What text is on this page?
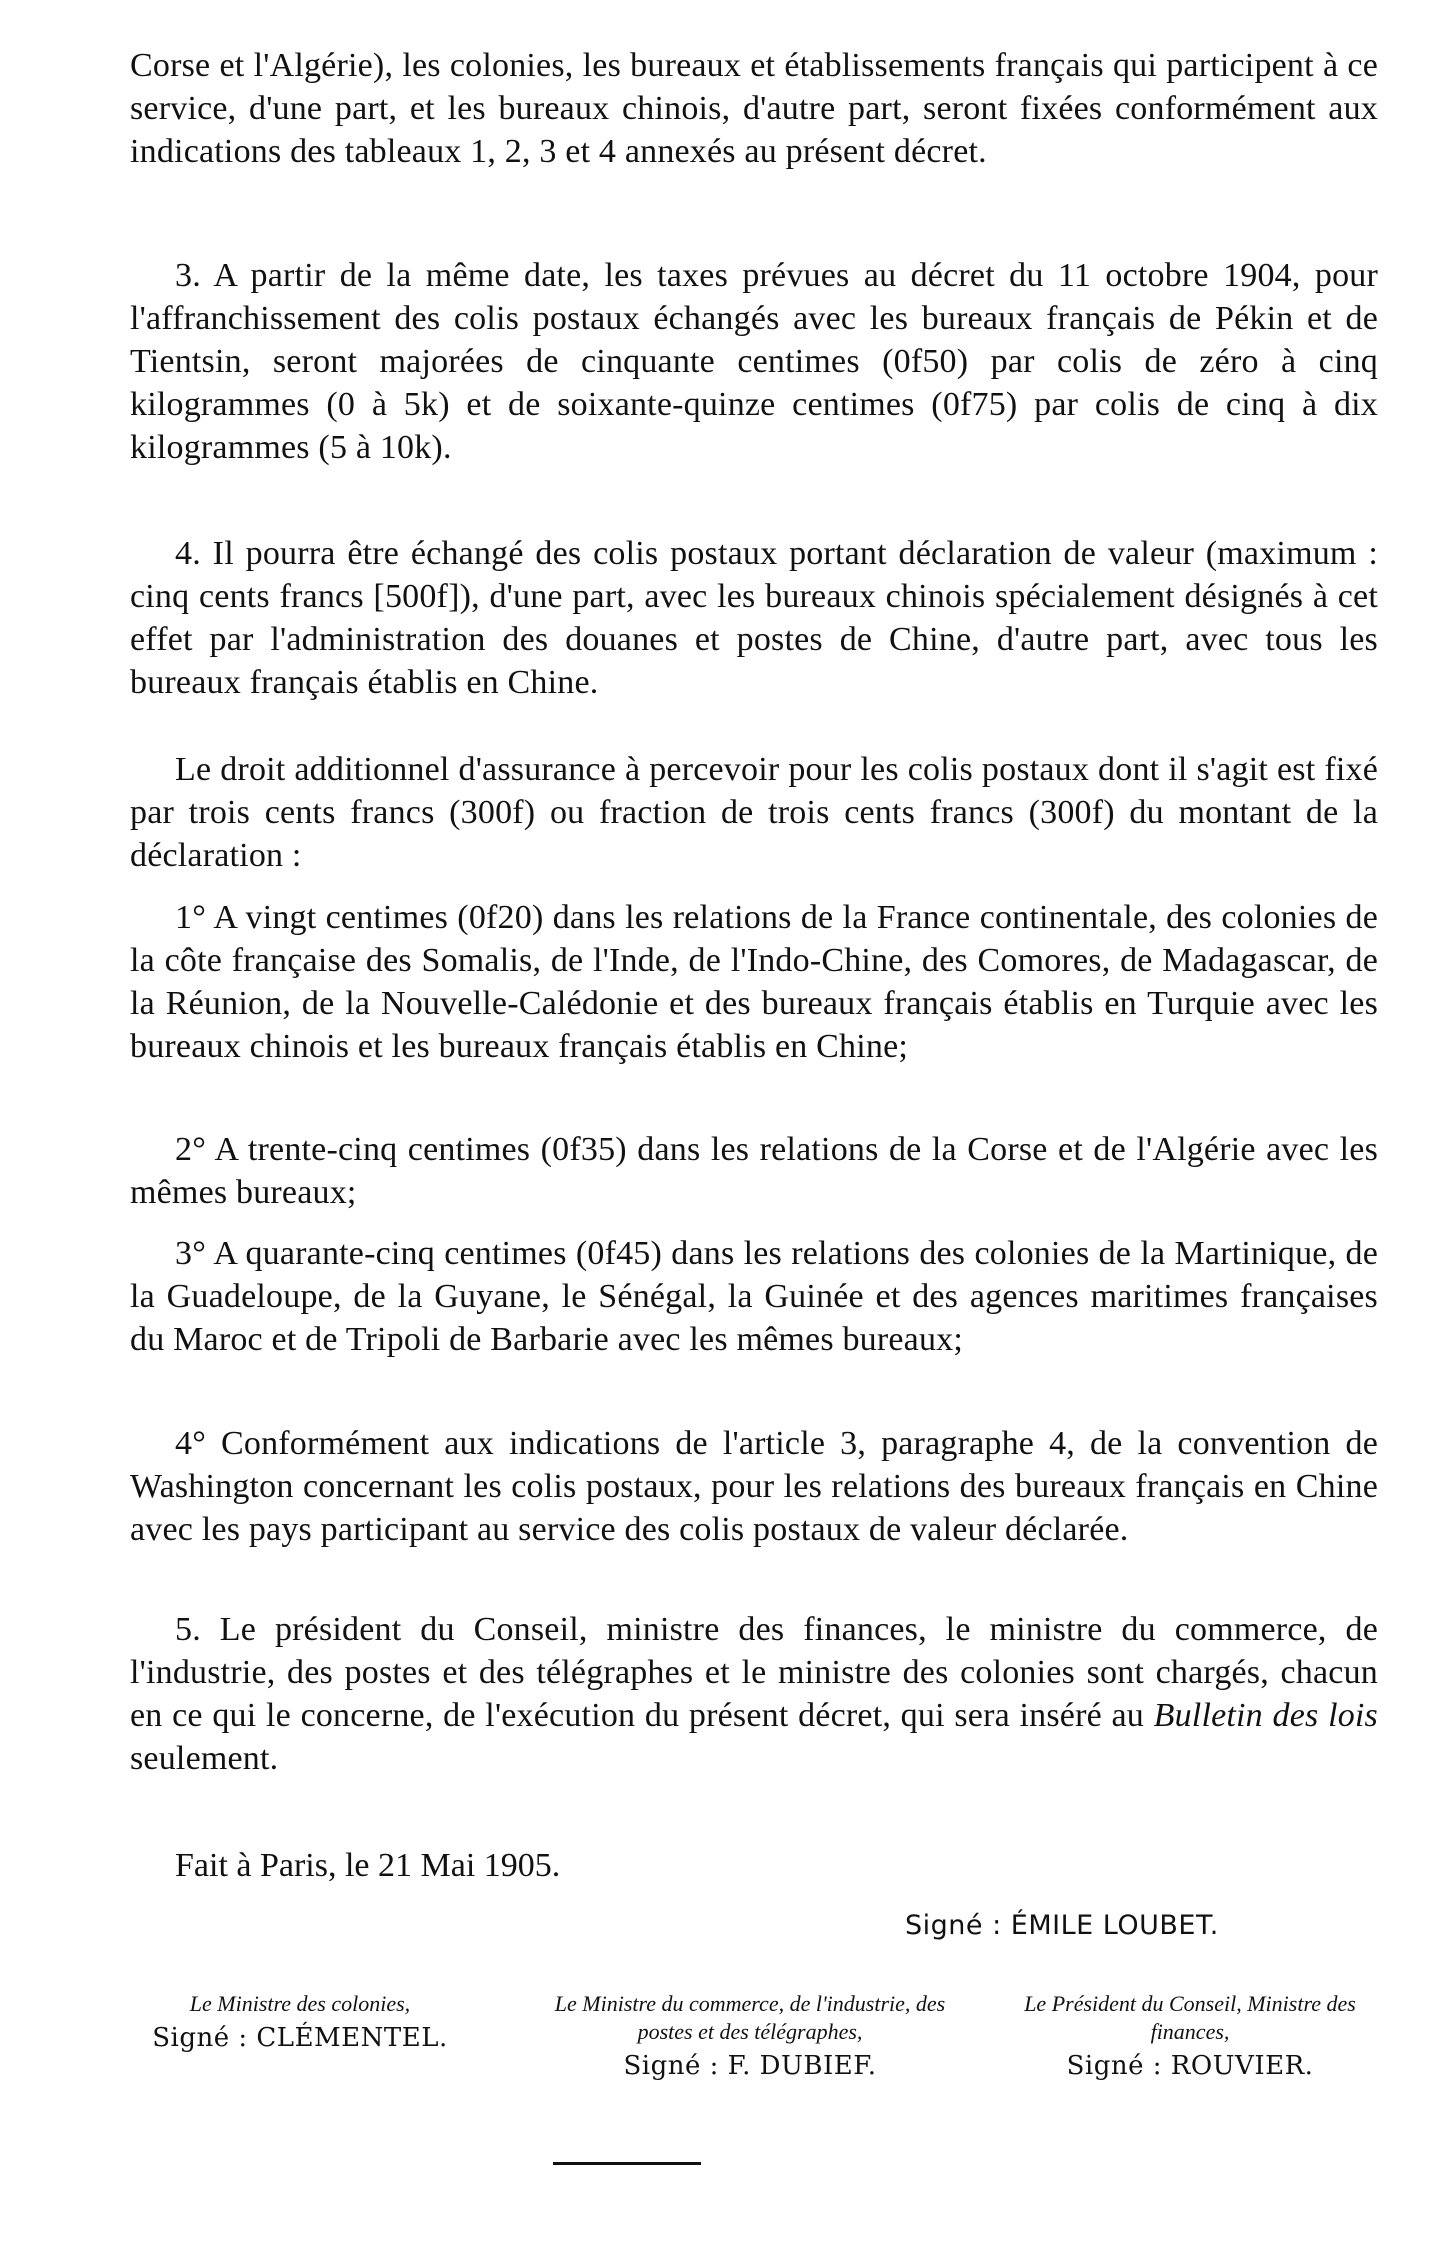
Corse et l'Algérie), les colonies, les bureaux et établissements français qui participent à ce service, d'une part, et les bureaux chinois, d'autre part, seront fixées conformément aux indications des tableaux 1, 2, 3 et 4 annexés au présent décret.

3. A partir de la même date, les taxes prévues au décret du 11 octobre 1904, pour l'affranchissement des colis postaux échangés avec les bureaux français de Pékin et de Tientsin, seront majorées de cinquante centimes (0f50) par colis de zéro à cinq kilogrammes (0 à 5k) et de soixante-quinze centimes (0f75) par colis de cinq à dix kilogrammes (5 à 10k).

4. Il pourra être échangé des colis postaux portant déclaration de valeur (maximum : cinq cents francs [500f]), d'une part, avec les bureaux chinois spécialement désignés à cet effet par l'administration des douanes et postes de Chine, d'autre part, avec tous les bureaux français établis en Chine.

Le droit additionnel d'assurance à percevoir pour les colis postaux dont il s'agit est fixé par trois cents francs (300f) ou fraction de trois cents francs (300f) du montant de la déclaration :

1° A vingt centimes (0f20) dans les relations de la France continentale, des colonies de la côte française des Somalis, de l'Inde, de l'Indo-Chine, des Comores, de Madagascar, de la Réunion, de la Nouvelle-Calédonie et des bureaux français établis en Turquie avec les bureaux chinois et les bureaux français établis en Chine;

2° A trente-cinq centimes (0f35) dans les relations de la Corse et de l'Algérie avec les mêmes bureaux;

3° A quarante-cinq centimes (0f45) dans les relations des colonies de la Martinique, de la Guadeloupe, de la Guyane, le Sénégal, la Guinée et des agences maritimes françaises du Maroc et de Tripoli de Barbarie avec les mêmes bureaux;

4° Conformément aux indications de l'article 3, paragraphe 4, de la convention de Washington concernant les colis postaux, pour les relations des bureaux français en Chine avec les pays participant au service des colis postaux de valeur déclarée.

5. Le président du Conseil, ministre des finances, le ministre du commerce, de l'industrie, des postes et des télégraphes et le ministre des colonies sont chargés, chacun en ce qui le concerne, de l'exécution du présent décret, qui sera inséré au Bulletin des lois seulement.

Fait à Paris, le 21 Mai 1905.
Signé : ÉMILE LOUBET.
Le Ministre des colonies,
Signé : CLÉMENTEL.
Le Ministre du commerce, de l'industrie, des postes et des télégraphes,
Signé : F. DUBIEF.
Le Président du Conseil, Ministre des finances,
Signé : ROUVIER.
